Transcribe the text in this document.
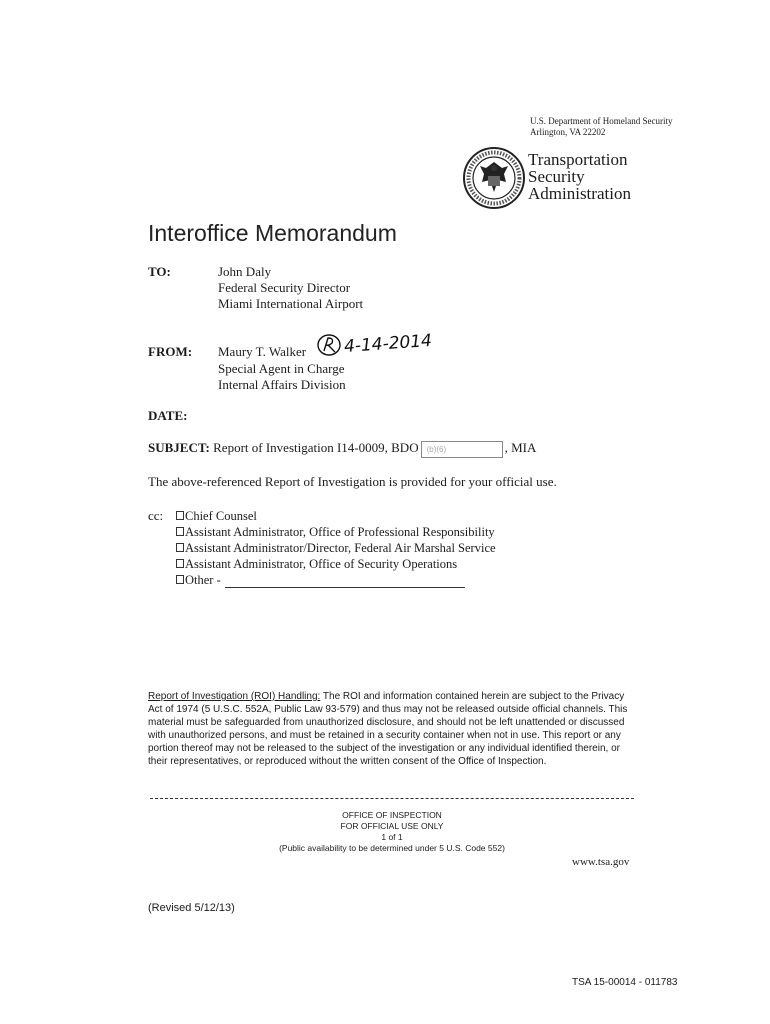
U.S. Department of Homeland Security
Arlington, VA 22202
Transportation
Security
Administration
Interoffice Memorandum
TO:	John Daly
Federal Security Director
Miami International Airport
FROM: Maury T. Walker 4-14-2014
Special Agent in Charge
Internal Affairs Division
DATE:
SUBJECT: Report of Investigation I14-0009, BDO (b)(6)	, MIA
The above-referenced Report of Investigation is provided for your official use.
cc:	Chief Counsel
Assistant Administrator, Office of Professional Responsibility
Assistant Administrator/Director, Federal Air Marshal Service
Assistant Administrator, Office of Security Operations
Other -
Report of Investigation (ROI) Handling: The ROI and information contained herein are subject to the Privacy Act of 1974 (5 U.S.C. 552A, Public Law 93-579) and thus may not be released outside official channels. This material must be safeguarded from unauthorized disclosure, and should not be left unattended or discussed with unauthorized persons, and must be retained in a security container when not in use. This report or any portion thereof may not be released to the subject of the investigation or any individual identified therein, or their representatives, or reproduced without the written consent of the Office of Inspection.
OFFICE OF INSPECTION
FOR OFFICIAL USE ONLY
1 of 1
(Public availability to be determined under 5 U.S. Code 552)
www.tsa.gov
(Revised 5/12/13)
TSA 15-00014 - 011783
